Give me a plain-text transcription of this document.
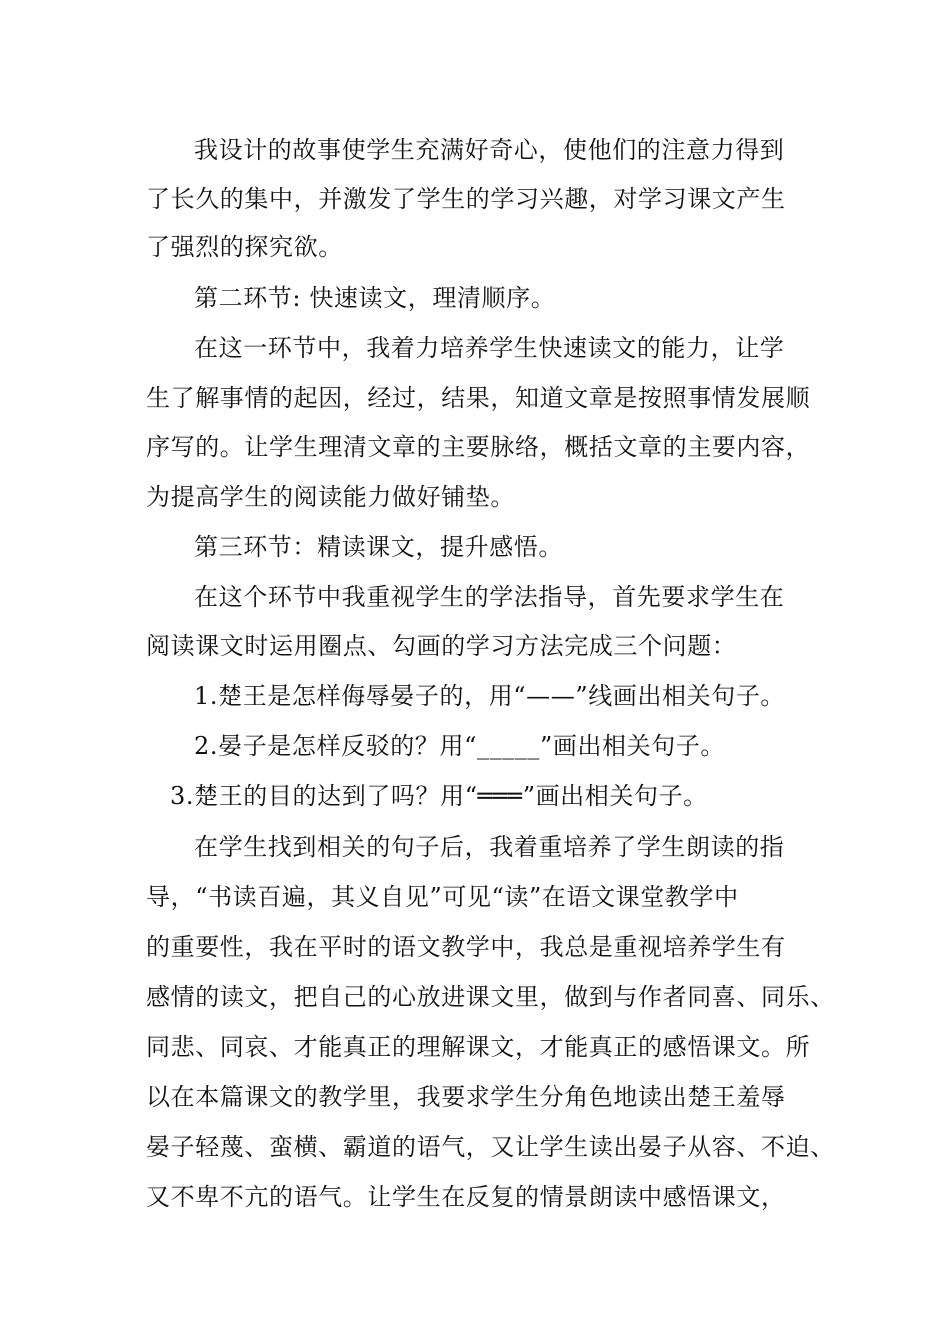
我设计的故事使学生充满好奇心，使他们的注意力得到
了长久的集中，并激发了学生的学习兴趣，对学习课文产生
了强烈的探究欲。
第二环节: 快速读文，理清顺序。
在这一环节中，我着力培养学生快速读文的能力，让学
生了解事情的起因，经过，结果，知道文章是按照事情发展顺
序写的。让学生理清文章的主要脉络，概括文章的主要内容，
为提高学生的阅读能力做好铺垫。
第三环节：精读课文，提升感悟。
在这个环节中我重视学生的学法指导，首先要求学生在
阅读课文时运用圈点、勾画的学习方法完成三个问题：
1.楚王是怎样侮辱晏子的，用“——”线画出相关句子。
2.晏子是怎样反驳的？用“_____”画出相关句子。
3.楚王的目的达到了吗？用“═══”画出相关句子。
在学生找到相关的句子后，我着重培养了学生朗读的指
导，“书读百遍，其义自见”可见“读”在语文课堂教学中
的重要性，我在平时的语文教学中，我总是重视培养学生有
感情的读文，把自己的心放进课文里，做到与作者同喜、同乐、
同悲、同哀、才能真正的理解课文，才能真正的感悟课文。所
以在本篇课文的教学里，我要求学生分角色地读出楚王羞辱
晏子轻蔑、蛮横、霸道的语气，又让学生读出晏子从容、不迫、
又不卑不亢的语气。让学生在反复的情景朗读中感悟课文，
